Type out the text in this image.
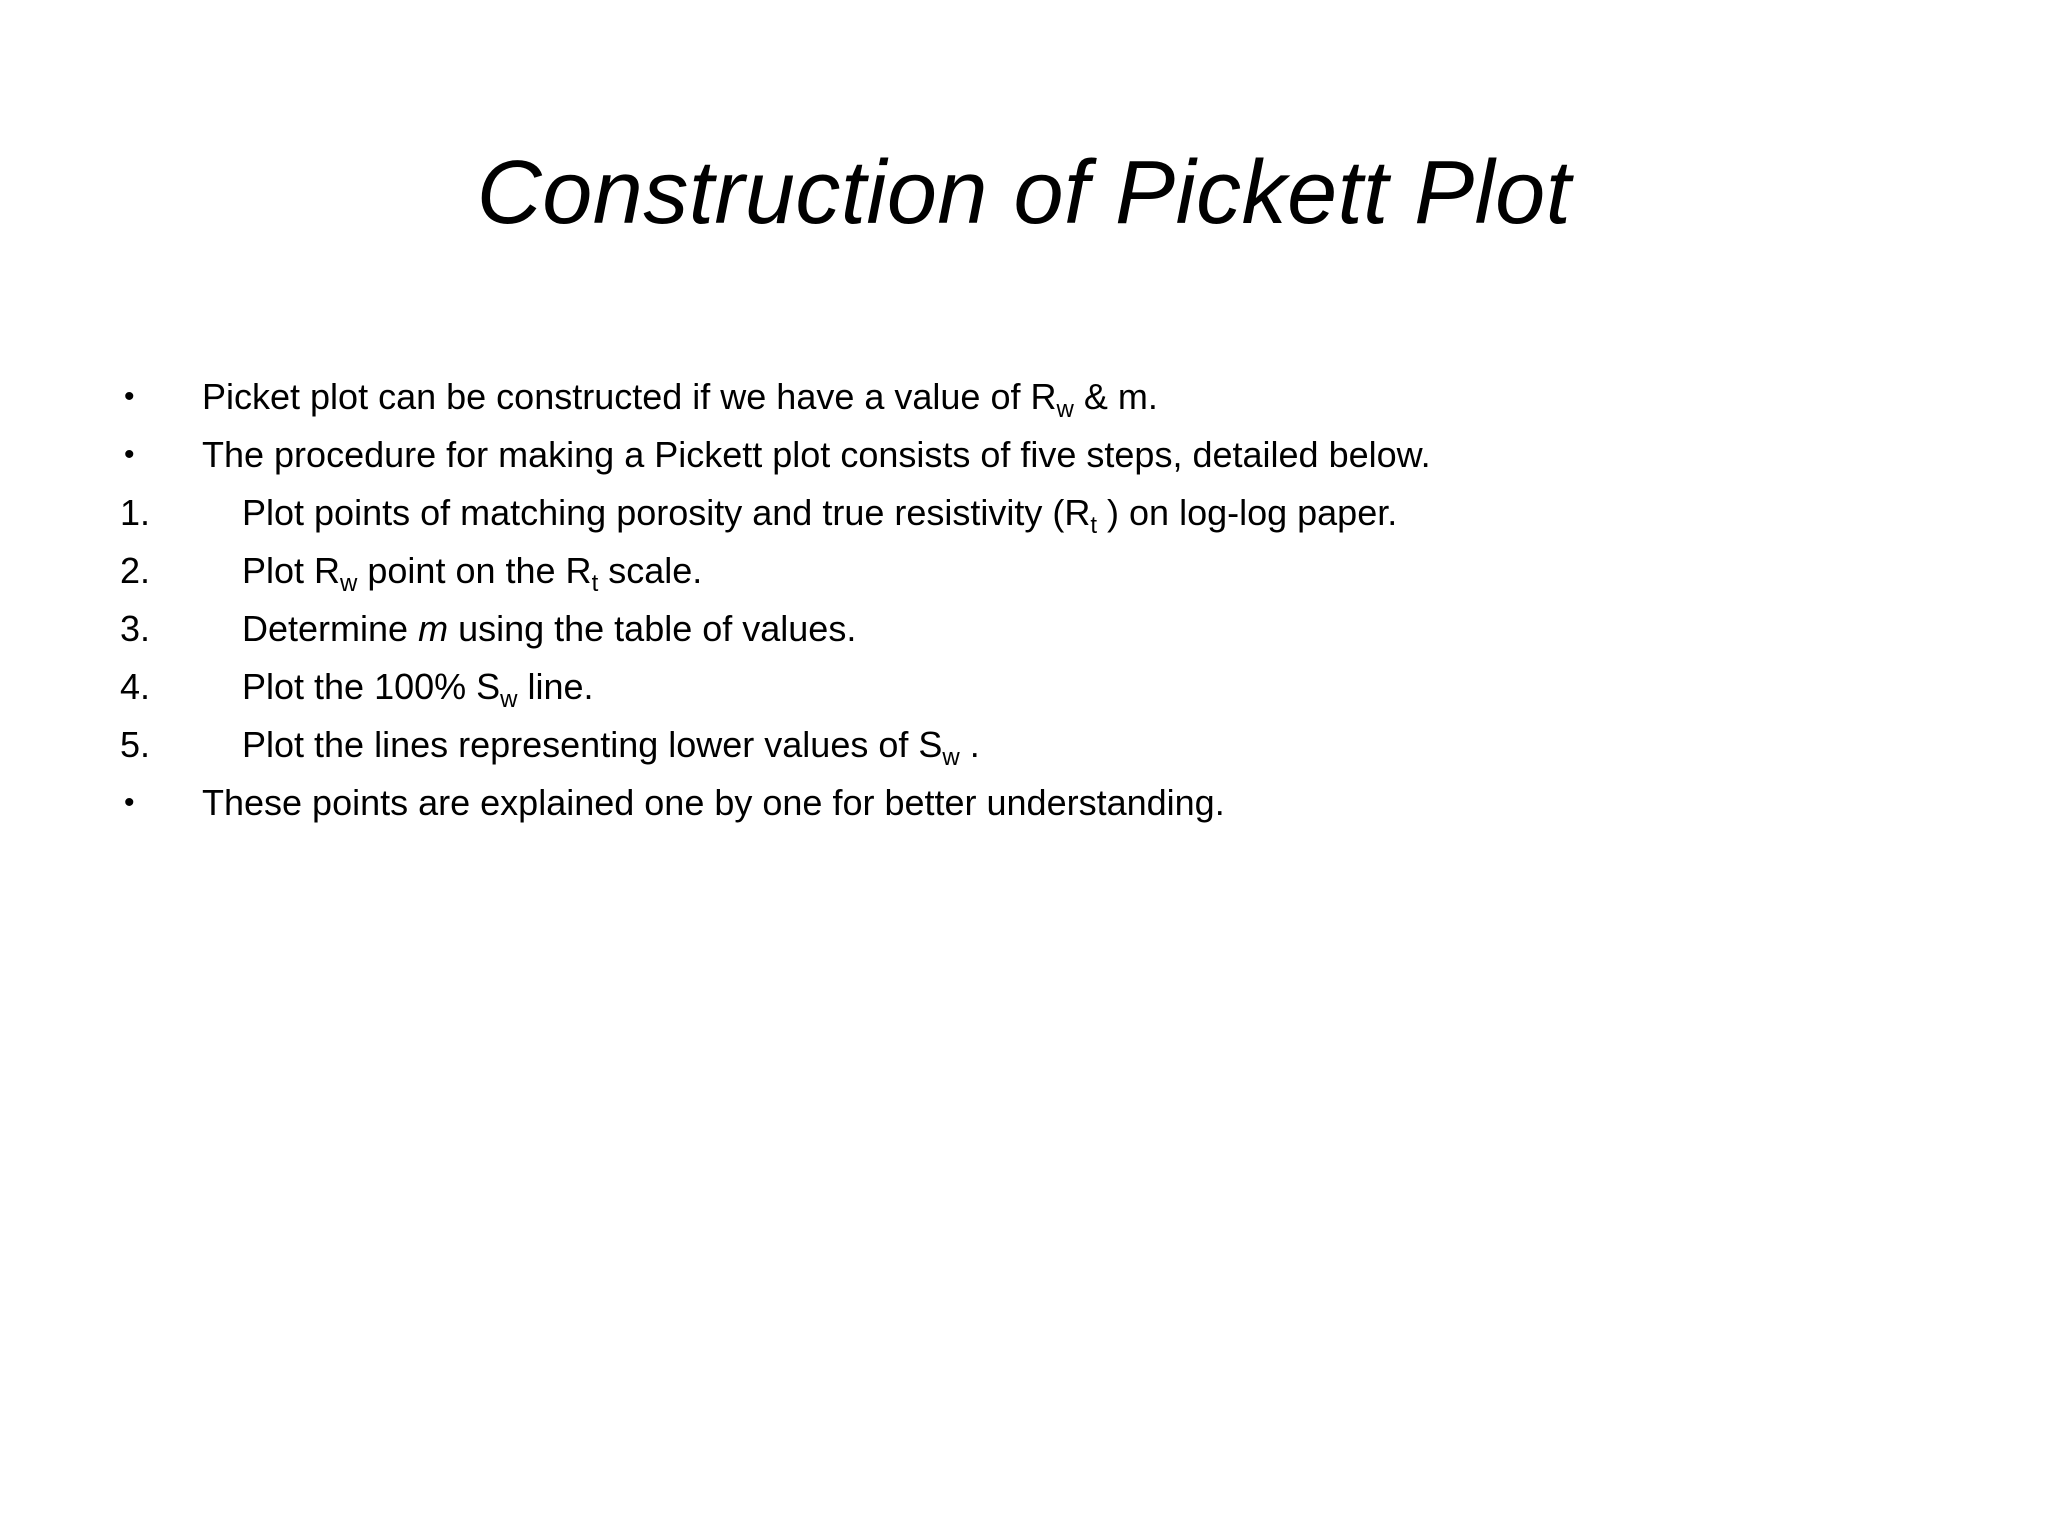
Construction of Pickett Plot
•	Picket plot can be constructed if we have a value of $R_w$ & m.
•	The procedure for making a Pickett plot consists of five steps, detailed below.
1.	Plot points of matching porosity and true resistivity ($R_t$ ) on log-log paper.
2.	Plot $R_w$ point on the $R_t$ scale.
3.	Determine m using the table of values.
4.	Plot the 100% $S_w$ line.
5.	Plot the lines representing lower values of $S_w$ .
•	These points are explained one by one for better understanding.
